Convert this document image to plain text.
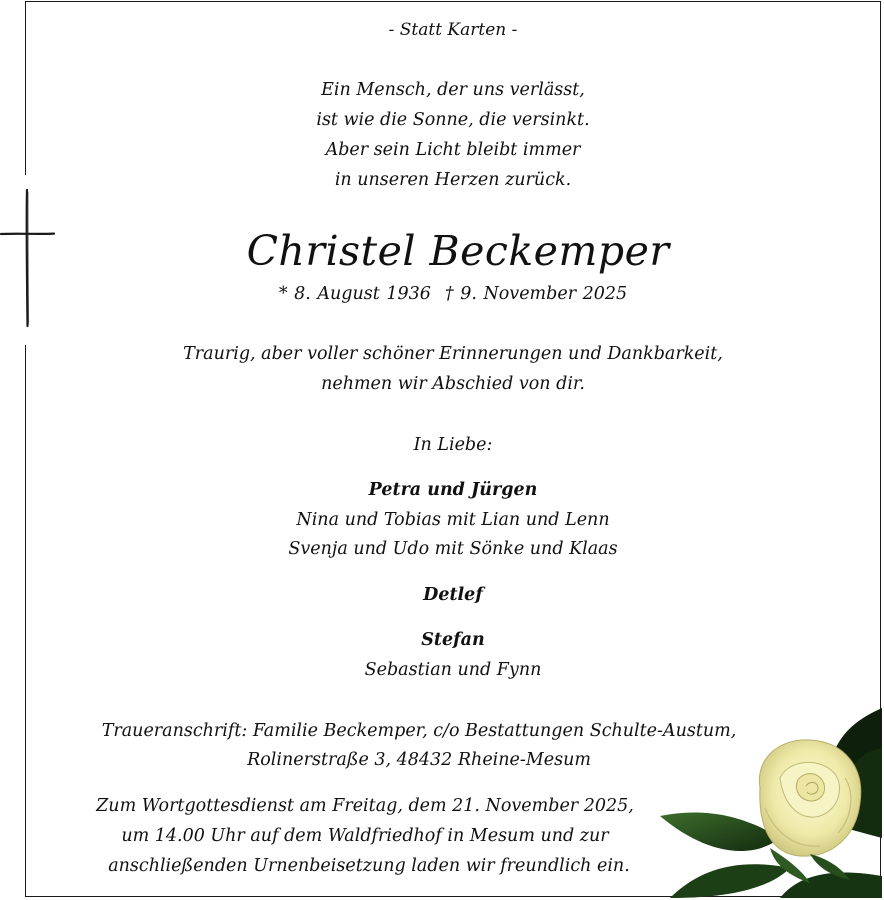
- Statt Karten -
Ein Mensch, der uns verlässt,
ist wie die Sonne, die versinkt.
Aber sein Licht bleibt immer
in unseren Herzen zurück.
Christel Beckemper
* 8. August 1936 † 9. November 2025
Traurig, aber voller schöner Erinnerungen und Dankbarkeit,
nehmen wir Abschied von dir.
In Liebe:
Petra und Jürgen
Nina und Tobias mit Lian und Lenn
Svenja und Udo mit Sönke und Klaas
Detlef
Stefan
Sebastian und Fynn
Traueranschrift: Familie Beckemper, c/o Bestattungen Schulte-Austum,
Rolinerstraße 3, 48432 Rheine-Mesum
Zum Wortgottesdienst am Freitag, dem 21. November 2025,
um 14.00 Uhr auf dem Waldfriedhof in Mesum und zur
anschließenden Urnenbeisetzung laden wir freundlich ein.
